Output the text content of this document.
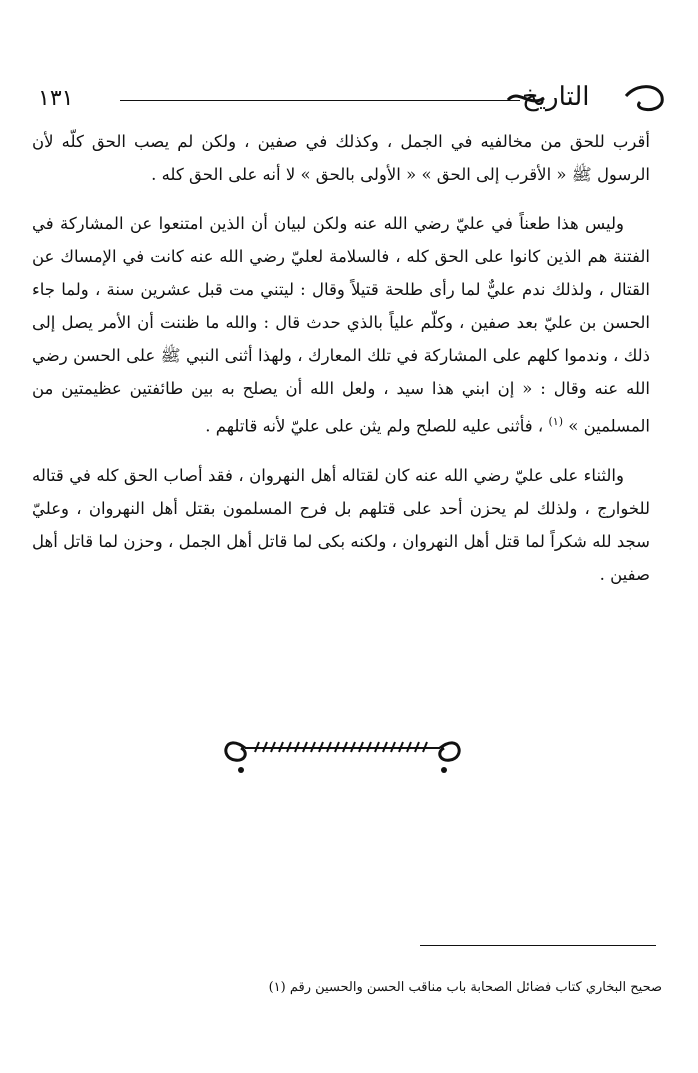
١٣١	التاريخ

أقرب للحق من مخالفيه في الجمل ، وكذلك في صفين ، ولكن لم يصب الحق كلّه لأن الرسول ﷺ « الأقرب إلى الحق » « الأولى بالحق » لا أنه على الحق كله .

وليس هذا طعناً في عليّ رضي الله عنه ولكن لبيان أن الذين امتنعوا عن المشاركة في الفتنة هم الذين كانوا على الحق كله ، فالسلامة لعليّ رضي الله عنه كانت في الإمساك عن القتال ، ولذلك ندم عليٌّ لما رأى طلحة قتيلاً وقال : ليتني مت قبل عشرين سنة ، ولما جاء الحسن بن عليّ بعد صفين ، وكلّم علياً بالذي حدث قال : والله ما ظننت أن الأمر يصل إلى ذلك ، وندموا كلهم على المشاركة في تلك المعارك ، ولهذا أثنى النبي ﷺ على الحسن رضي الله عنه وقال : « إن ابني هذا سيد ، ولعل الله أن يصلح به بين طائفتين عظيمتين من المسلمين » $^{(١)}$ ، فأثنى عليه للصلح ولم يثن على عليّ لأنه قاتلهم .

والثناء على عليّ رضي الله عنه كان لقتاله أهل النهروان ، فقد أصاب الحق كله في قتاله للخوارج ، ولذلك لم يحزن أحد على قتلهم بل فرح المسلمون بقتل أهل النهروان ، وعليّ سجد لله شكراً لما قتل أهل النهروان ، ولكنه بكى لما قاتل أهل الجمل ، وحزن لما قاتل أهل صفين .

صحيح البخاري كتاب فضائل الصحابة باب مناقب الحسن والحسين رقم (١)
